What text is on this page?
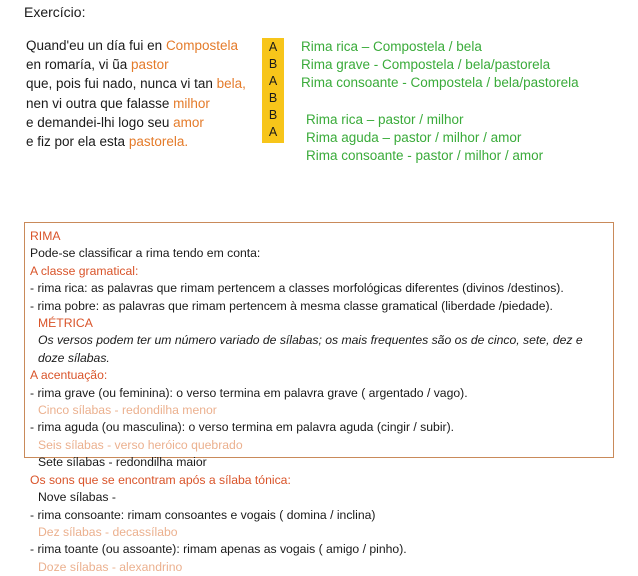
Exercício:
Quand'eu un día fui en Compostela
en romaría, vi ũa pastor
que, pois fui nado, nunca vi tan bela,
nen vi outra que falasse milhor
e demandei-lhi logo seu amor
e fiz por ela esta pastorela.
A
B
A
B
B
A
Rima rica – Compostela / bela
Rima grave - Compostela / bela/pastorela
Rima consoante - Compostela / bela/pastorela
Rima rica – pastor / milhor
Rima aguda – pastor / milhor / amor
Rima consoante - pastor / milhor / amor
RIMA
Pode-se classificar a rima tendo em conta:
A classe gramatical:
- rima rica: as palavras que rimam pertencem a classes morfológicas diferentes (divinos /destinos).
- rima pobre: as palavras que rimam pertencem à mesma classe gramatical (liberdade /piedade).
MÉTRICA
Os versos podem ter um número variado de sílabas; os mais frequentes são os de cinco, sete, dez e
doze sílabas.
A acentuação:
- rima grave (ou feminina): o verso termina em palavra grave ( argentado / vago).
Cinco sílabas - redondilha menor
- rima aguda (ou masculina): o verso termina em palavra aguda (cingir / subir).
Seis sílabas - verso heróico quebrado
Sete sílabas - redondilha maior
Os sons que se encontram após a sílaba tónica:
Nove sílabas -
- rima consoante: rimam consoantes e vogais ( domina / inclina)
Dez sílabas - decassílabo
- rima toante (ou assoante): rimam apenas as vogais ( amigo / pinho).
Doze sílabas - alexandrino
